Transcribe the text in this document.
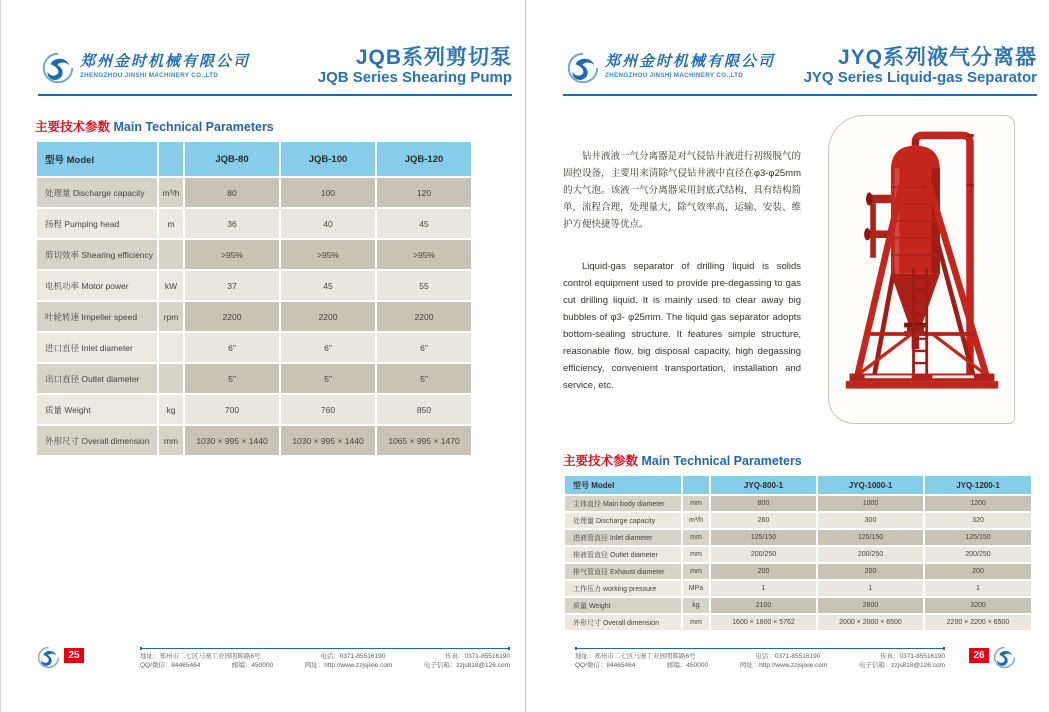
郑州金时机械有限公司
ZHENGZHOU JINSHI MACHINERY CO.,LTD
JQB系列剪切泵
JQB Series Shearing Pump
主要技术参数 Main Technical Parameters
型号 Model		JQB-80	JQB-100	JQB-120
处理量 Discharge capacity	m³/h	80	100	120
扬程 Pumping head	m	36	40	45
剪切效率 Shearing efficiency		>95%	>95%	>95%
电机功率 Motor power	kW	37	45	55
叶轮转速 Impeller speed	rpm	2200	2200	2200
进口直径 Inlet diameter		6"	6"	6"
出口直径 Outlet diameter		5"	5"	5"
质量 Weight	kg	700	760	850
外形尺寸 Overall dimension	mm	1030 × 995 × 1440	1030 × 995 × 1440	1065 × 995 × 1470
25	地址：郑州市二七区马寨工业园明晖路6号	电话：0371-85516190	传真：0371-85516190
QQ/微信：84465464	邮编：450000	网址：http://www.zzjsjixie.com	电子信箱：zzjs818@126.com
郑州金时机械有限公司
ZHENGZHOU JINSHI MACHINERY CO.,LTD
JYQ系列液气分离器
JYQ Series Liquid-gas Separator
钻井液液一气分离器是对气侵钻井液进行初级脱气的固控设备，主要用来清除气侵钻井液中直径在φ3-φ25mm的大气泡。该液一气分离器采用封底式结构，具有结构简单，流程合理，处理量大，除气效率高，运输、安装、维护方便快捷等优点。
Liquid-gas separator of drilling liquid is solids control equipment used to provide pre-degassing to gas cut drilling liquid. It is mainly used to clear away big bubbles of φ3- φ25mm. The liquid gas separator adopts bottom-sealing structure. It features simple structure, reasonable flow, big disposal capacity, high degassing efficiency, convenient transportation, installation and service, etc.
主要技术参数 Main Technical Parameters
型号 Model		JYQ-800-1	JYQ-1000-1	JYQ-1200-1
主体直径 Main body diameter	mm	800	1000	1200
处理量 Discharge capacity	m³/h	260	300	320
进液管直径 Inlet diameter	mm	125/150	125/150	125/150
排液管直径 Outlet diameter	mm	200/250	200/250	200/250
排气管直径 Exhaust diameter	mm	200	200	200
工作压力 working pressure	MPa	1	1	1
质量 Weight	kg	2100	2800	3200
外形尺寸 Overall dimension	mm	1600 × 1600 × 5762	2000 × 2000 × 6500	2200 × 2200 × 6500
地址：郑州市二七区马寨工业园明晖路6号	电话：0371-85516190	传真：0371-85516190
QQ/微信：84465464	邮编：450000	网址：http://www.zzjsjixie.com	电子信箱：zzjs818@126.com
26
